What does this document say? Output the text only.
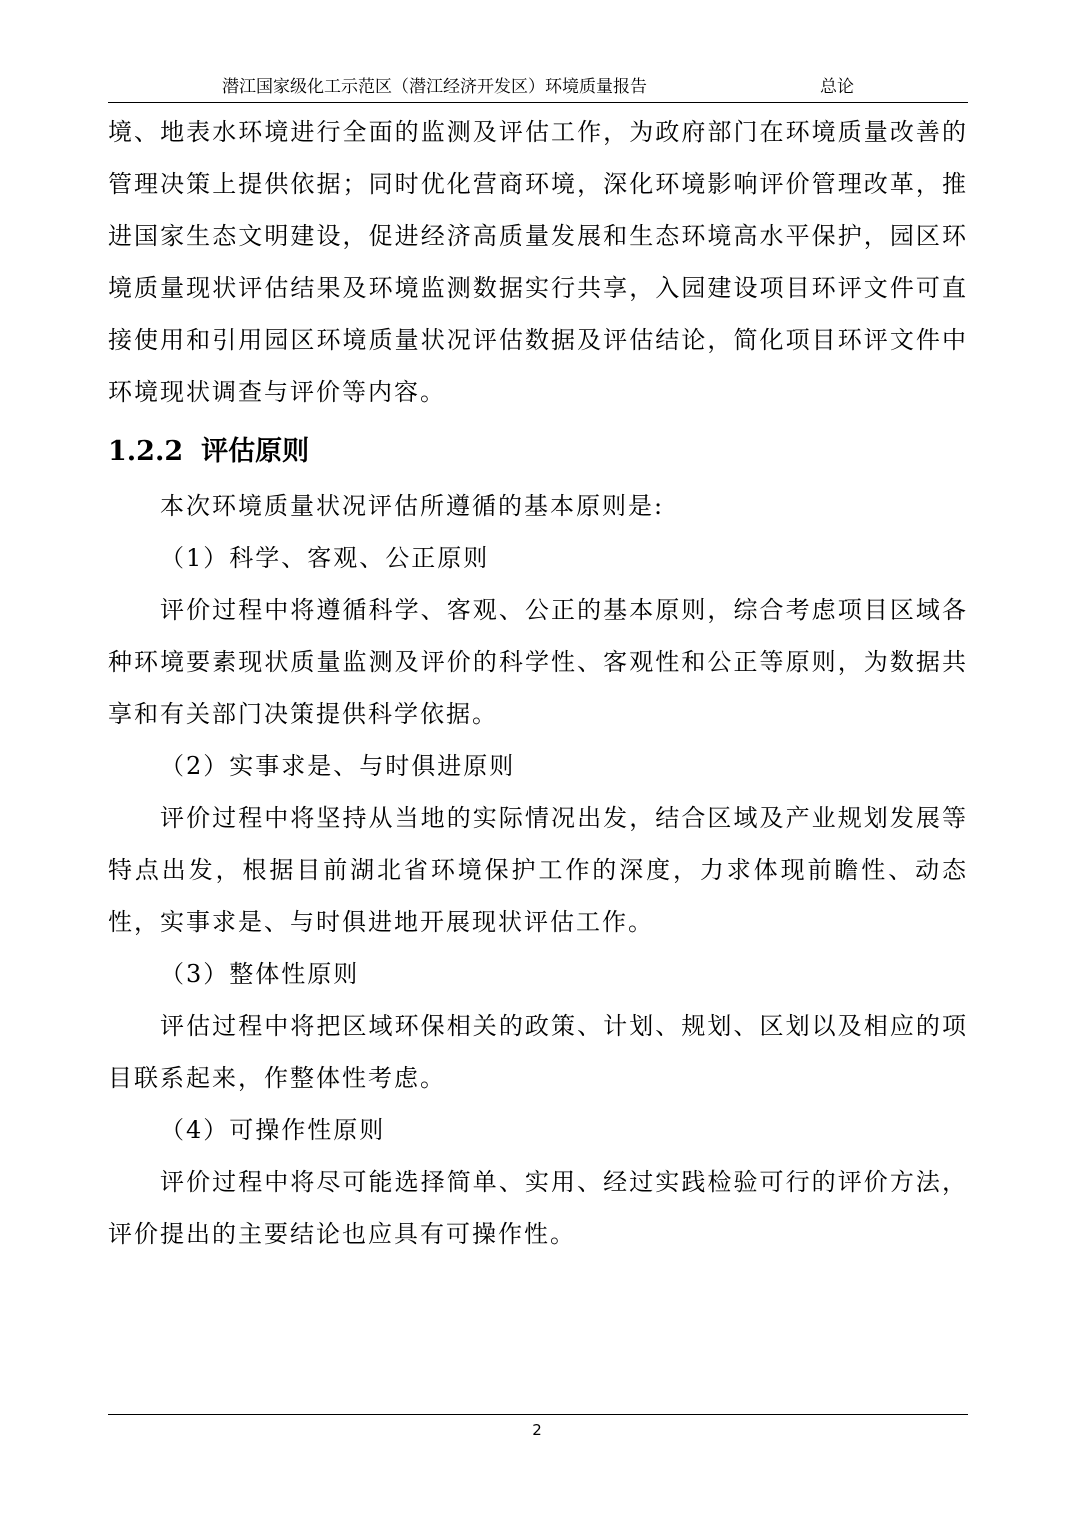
潜江国家级化工示范区（潜江经济开发区）环境质量报告	总论

境、地表水环境进行全面的监测及评估工作，为政府部门在环境质量改善的管理决策上提供依据；同时优化营商环境，深化环境影响评价管理改革，推进国家生态文明建设，促进经济高质量发展和生态环境高水平保护，园区环境质量现状评估结果及环境监测数据实行共享，入园建设项目环评文件可直接使用和引用园区环境质量状况评估数据及评估结论，简化项目环评文件中环境现状调查与评价等内容。

1.2.2 评估原则

本次环境质量状况评估所遵循的基本原则是:

（1）科学、客观、公正原则

评价过程中将遵循科学、客观、公正的基本原则，综合考虑项目区域各种环境要素现状质量监测及评价的科学性、客观性和公正等原则，为数据共享和有关部门决策提供科学依据。

（2）实事求是、与时俱进原则

评价过程中将坚持从当地的实际情况出发，结合区域及产业规划发展等特点出发，根据目前湖北省环境保护工作的深度，力求体现前瞻性、动态性，实事求是、与时俱进地开展现状评估工作。

（3）整体性原则

评估过程中将把区域环保相关的政策、计划、规划、区划以及相应的项目联系起来，作整体性考虑。

（4）可操作性原则

评价过程中将尽可能选择简单、实用、经过实践检验可行的评价方法，评价提出的主要结论也应具有可操作性。

2
